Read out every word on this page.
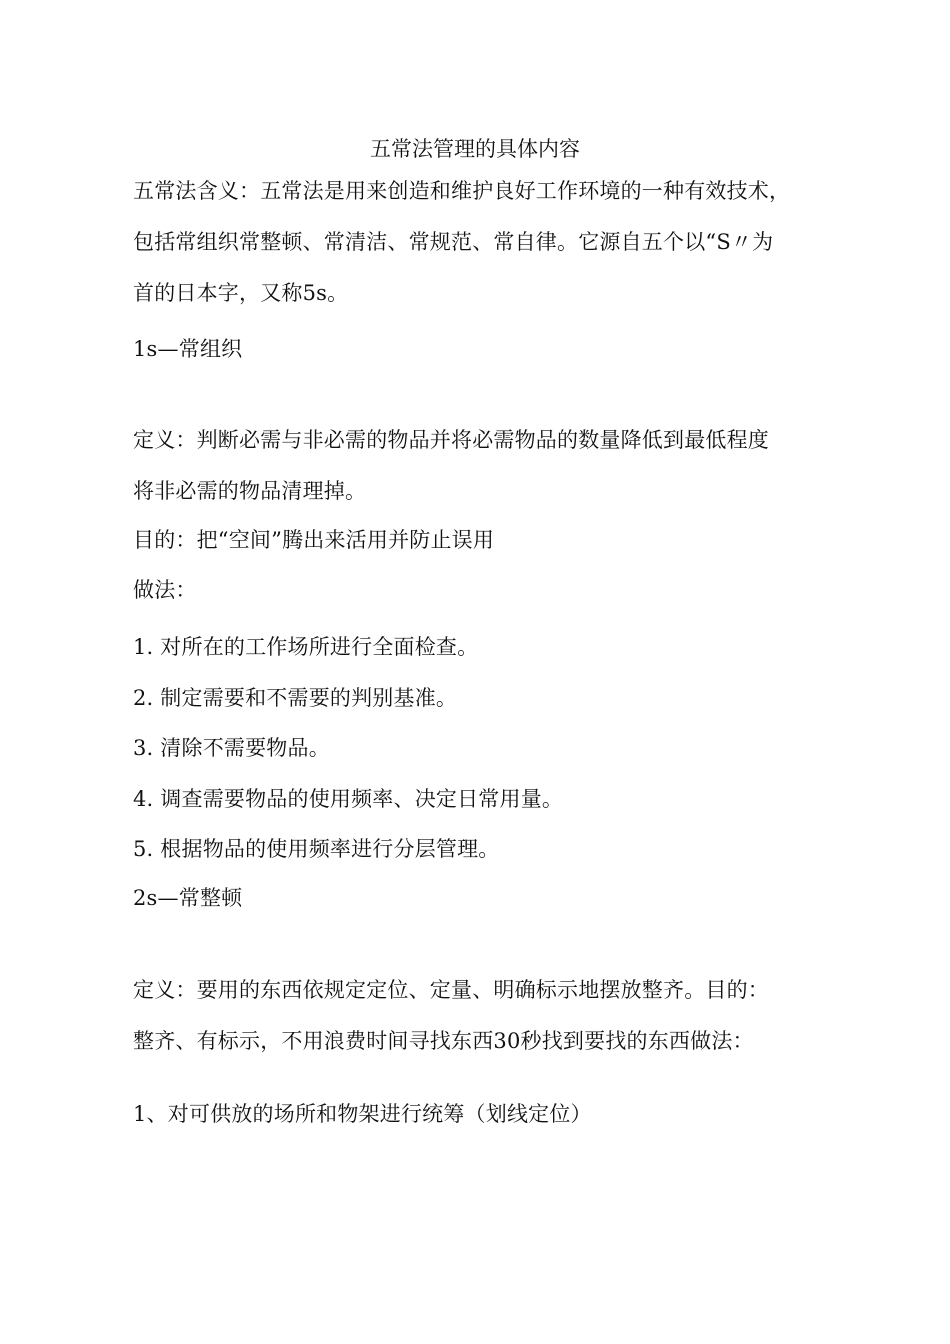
五常法管理的具体内容
五常法含义：五常法是用来创造和维护良好工作环境的一种有效技术，
包括常组织常整顿、常清洁、常规范、常自律。它源自五个以“S〃为
首的日本字，又称5s。
1s—常组织
定义：判断必需与非必需的物品并将必需物品的数量降低到最低程度
将非必需的物品清理掉。
目的：把“空间”腾出来活用并防止误用
做法：
1. 对所在的工作场所进行全面检查。
2. 制定需要和不需要的判别基准。
3. 清除不需要物品。
4. 调查需要物品的使用频率、决定日常用量。
5. 根据物品的使用频率进行分层管理。
2s—常整顿
定义：要用的东西依规定定位、定量、明确标示地摆放整齐。目的：
整齐、有标示，不用浪费时间寻找东西30秒找到要找的东西做法：
1、对可供放的场所和物架进行统筹（划线定位）
